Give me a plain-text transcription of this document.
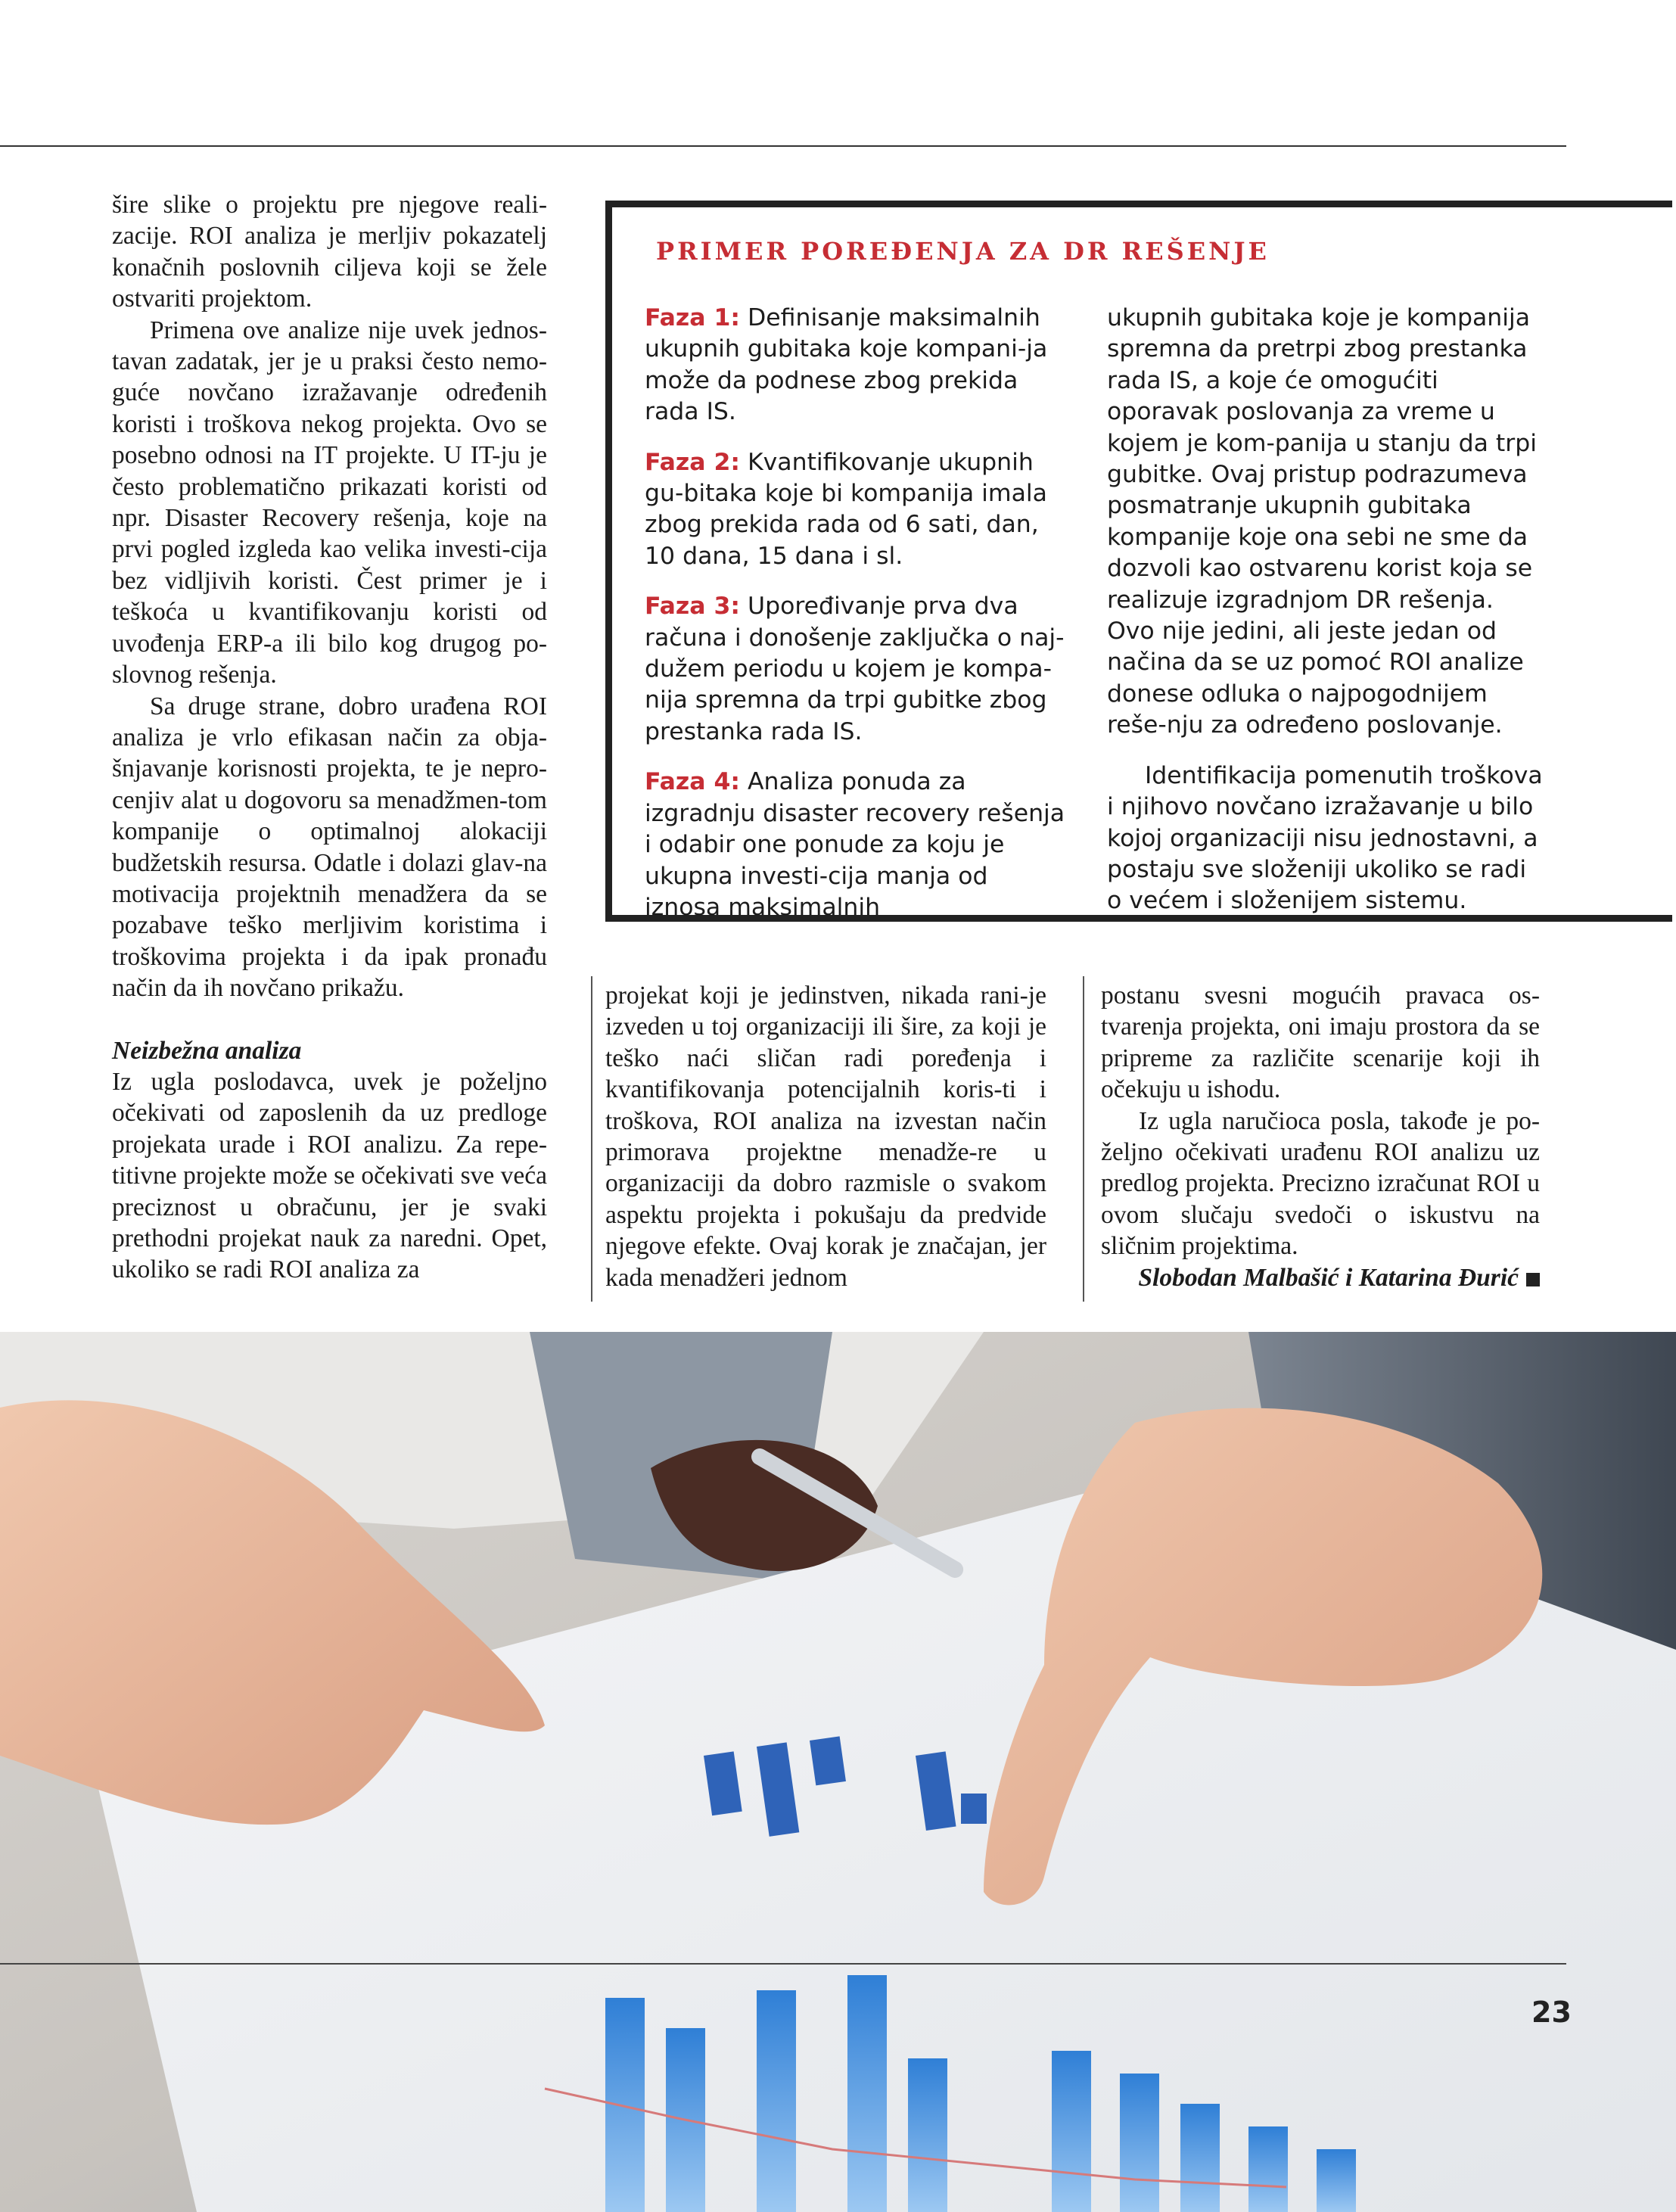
šire slike o projektu pre njegove reali-zacije. ROI analiza je merljiv pokazatelj konačnih poslovnih ciljeva koji se žele ostvariti projektom.

Primena ove analize nije uvek jednos-tavan zadatak, jer je u praksi često nemo-guće novčano izražavanje određenih koristi i troškova nekog projekta. Ovo se posebno odnosi na IT projekte. U IT-ju je često problematično prikazati koristi od npr. Disaster Recovery rešenja, koje na prvi pogled izgleda kao velika investi-cija bez vidljivih koristi. Čest primer je i teškoća u kvantifikovanju koristi od uvođenja ERP-a ili bilo kog drugog po-slovnog rešenja.

Sa druge strane, dobro urađena ROI analiza je vrlo efikasan način za obja-šnjavanje korisnosti projekta, te je nepro-cenjiv alat u dogovoru sa menadžmen-tom kompanije o optimalnoj alokaciji budžetskih resursa. Odatle i dolazi glav-na motivacija projektnih menadžera da se pozabave teško merljivim koristima i troškovima projekta i da ipak pronađu način da ih novčano prikažu.

Neizbežna analiza

Iz ugla poslodavca, uvek je poželjno očekivati od zaposlenih da uz predloge projekata urade i ROI analizu. Za repe-titivne projekte može se očekivati sve veća preciznost u obračunu, jer je svaki prethodni projekat nauk za naredni. Opet, ukoliko se radi ROI analiza za

PRIMER POREĐENJA ZA DR REŠENJE

Faza 1: Definisanje maksimalnih ukupnih gubitaka koje kompani-ja može da podnese zbog prekida rada IS.

Faza 2: Kvantifikovanje ukupnih gu-bitaka koje bi kompanija imala zbog prekida rada od 6 sati, dan, 10 dana, 15 dana i sl.

Faza 3: Upoređivanje prva dva računa i donošenje zaključka o naj-dužem periodu u kojem je kompa-nija spremna da trpi gubitke zbog prestanka rada IS.

Faza 4: Analiza ponuda za izgradnju disaster recovery rešenja i odabir one ponude za koju je ukupna investi-cija manja od iznosa maksimalnih

ukupnih gubitaka koje je kompanija spremna da pretrpi zbog prestanka rada IS, a koje će omogućiti oporavak poslovanja za vreme u kojem je kom-panija u stanju da trpi gubitke. Ovaj pristup podrazumeva posmatranje ukupnih gubitaka kompanije koje ona sebi ne sme da dozvoli kao ostvarenu korist koja se realizuje izgradnjom DR rešenja. Ovo nije jedini, ali jeste jedan od načina da se uz pomoć ROI analize donese odluka o najpogodnijem reše-nju za određeno poslovanje.

Identifikacija pomenutih troškova i njihovo novčano izražavanje u bilo kojoj organizaciji nisu jednostavni, a postaju sve složeniji ukoliko se radi o većem i složenijem sistemu.

projekat koji je jedinstven, nikada rani-je izveden u toj organizaciji ili šire, za koji je teško naći sličan radi poređenja i kvantifikovanja potencijalnih koris-ti i troškova, ROI analiza na izvestan način primorava projektne menadže-re u organizaciji da dobro razmisle o svakom aspektu projekta i pokušaju da predvide njegove efekte. Ovaj korak je značajan, jer kada menadžeri jednom

postanu svesni mogućih pravaca os-tvarenja projekta, oni imaju prostora da se pripreme za različite scenarije koji ih očekuju u ishodu.

Iz ugla naručioca posla, takođe je po-željno očekivati urađenu ROI analizu uz predlog projekta. Precizno izračunat ROI u ovom slučaju svedoči o iskustvu na sličnim projektima.

Slobodan Malbašić i Katarina Đurić

23
